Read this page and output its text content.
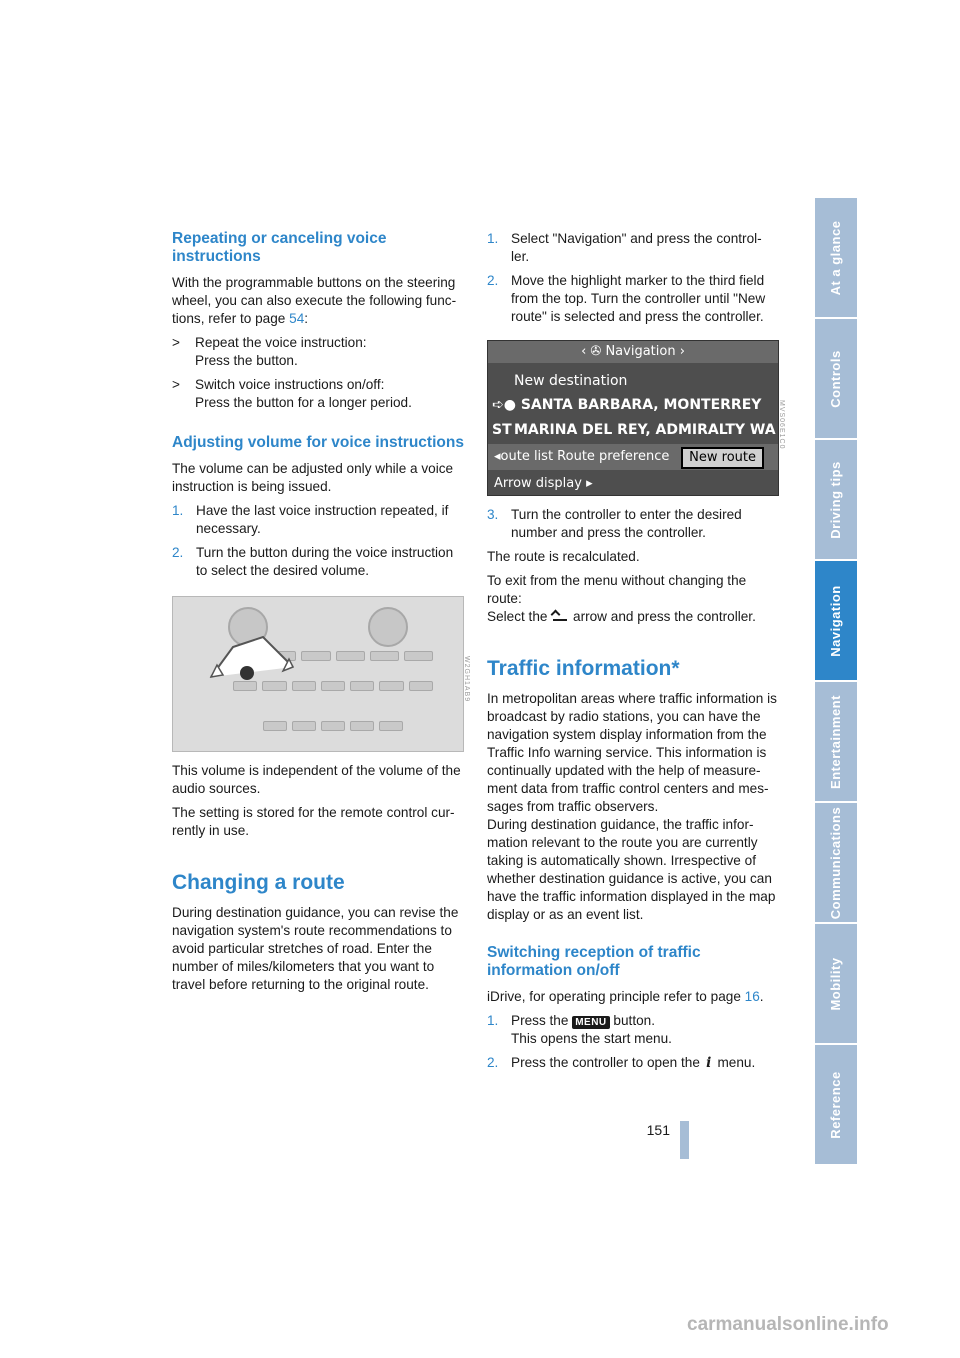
Repeating or canceling voice instructions

With the programmable buttons on the steering wheel, you can also execute the following func- tions, refer to page 54:

>	Repeat the voice instruction:
Press the button.
>	Switch voice instructions on/off:
Press the button for a longer period.
Adjusting volume for voice instructions

The volume can be adjusted only while a voice instruction is being issued.

1. Have the last voice instruction repeated, if necessary.
2. Turn the button during the voice instruction to select the desired volume.
W2GH1AB9

This volume is independent of the volume of the audio sources.

The setting is stored for the remote control cur- rently in use.

Changing a route

During destination guidance, you can revise the navigation system's route recommendations to avoid particular stretches of road. Enter the number of miles/kilometers that you want to travel before returning to the original route.

1. Select "Navigation" and press the control- ler.
2. Move the highlight marker to the third field from the top. Turn the controller until "New route" is selected and press the controller.
‹ ✇ Navigation ›
New destination
➪● SANTA BARBARA, MONTERREY ST MARINA DEL REY, ADMIRALTY WA
◂oute list Route preference	New route
Arrow display ▸
MVS06E1C0
3. Turn the controller to enter the desired number and press the controller.

The route is recalculated.

To exit from the menu without changing the route:

Select the  arrow and press the controller.

Traffic information*

In metropolitan areas where traffic information is broadcast by radio stations, you can have the navigation system display information from the Traffic Info warning service. This information is continually updated with the help of measure- ment data from traffic control centers and mes- sages from traffic observers.

During destination guidance, the traffic infor- mation relevant to the route you are currently taking is automatically shown. Irrespective of whether destination guidance is active, you can have the traffic information displayed in the map display or as an event list.

Switching reception of traffic information on/off

iDrive, for operating principle refer to page 16.

1. Press the MENU button.
This opens the start menu.
2. Press the controller to open the i menu.
At a glance
Controls
Driving tips
Navigation
Entertainment
Communications
Mobility
Reference
151
carmanualsonline.info
